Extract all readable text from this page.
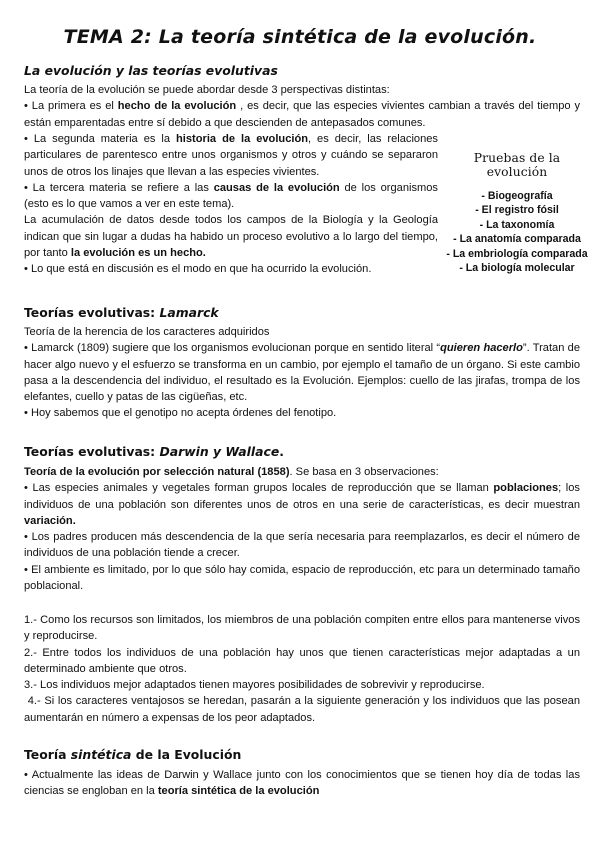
TEMA 2: La teoría sintética de la evolución.
La evolución y las teorías evolutivas
La teoría de la evolución se puede abordar desde 3 perspectivas distintas:
• La primera es el hecho de la evolución , es decir, que las especies vivientes cambian a través del tiempo y están emparentadas entre sí debido a que descienden de antepasados comunes.
• La segunda materia es la historia de la evolución, es decir, las relaciones particulares de parentesco entre unos organismos y otros y cuándo se separaron unos de otros los linajes que llevan a las especies vivientes.
• La tercera materia se refiere a las causas de la evolución de los organismos (esto es lo que vamos a ver en este tema).
La acumulación de datos desde todos los campos de la Biología y la Geología indican que sin lugar a dudas ha habido un proceso evolutivo a lo largo del tiempo, por tanto la evolución es un hecho.
• Lo que está en discusión es el modo en que ha ocurrido la evolución.
Pruebas de la evolución
- Biogeografía
- El registro fósil
- La taxonomía
- La anatomía comparada
- La embriología comparada
- La biología molecular
Teorías evolutivas: Lamarck
Teoría de la herencia de los caracteres adquiridos
• Lamarck (1809) sugiere que los organismos evolucionan porque en sentido literal “quieren hacerlo”. Tratan de hacer algo nuevo y el esfuerzo se transforma en un cambio, por ejemplo el tamaño de un órgano. Si este cambio pasa a la descendencia del individuo, el resultado es la Evolución. Ejemplos: cuello de las jirafas, trompa de los elefantes, cuello y patas de las cigüeñas, etc.
• Hoy sabemos que el genotipo no acepta órdenes del fenotipo.
Teorías evolutivas: Darwin y Wallace.
Teoría de la evolución por selección natural (1858). Se basa en 3 observaciones:
• Las especies animales y vegetales forman grupos locales de reproducción que se llaman poblaciones; los individuos de una población son diferentes unos de otros en una serie de características, es decir muestran variación.
• Los padres producen más descendencia de la que sería necesaria para reemplazarlos, es decir el número de individuos de una población tiende a crecer.
• El ambiente es limitado, por lo que sólo hay comida, espacio de reproducción, etc para un determinado tamaño poblacional.
1.- Como los recursos son limitados, los miembros de una población compiten entre ellos para mantenerse vivos y reproducirse.
2.- Entre todos los individuos de una población hay unos que tienen características mejor adaptadas a un determinado ambiente que otros.
3.- Los individuos mejor adaptados tienen mayores posibilidades de sobrevivir y reproducirse.
4.- Si los caracteres ventajosos se heredan, pasarán a la siguiente generación y los individuos que las posean aumentarán en número a expensas de los peor adaptados.
Teoría sintética de la Evolución
• Actualmente las ideas de Darwin y Wallace junto con los conocimientos que se tienen hoy día de todas las ciencias se engloban en la teoría sintética de la evolución
